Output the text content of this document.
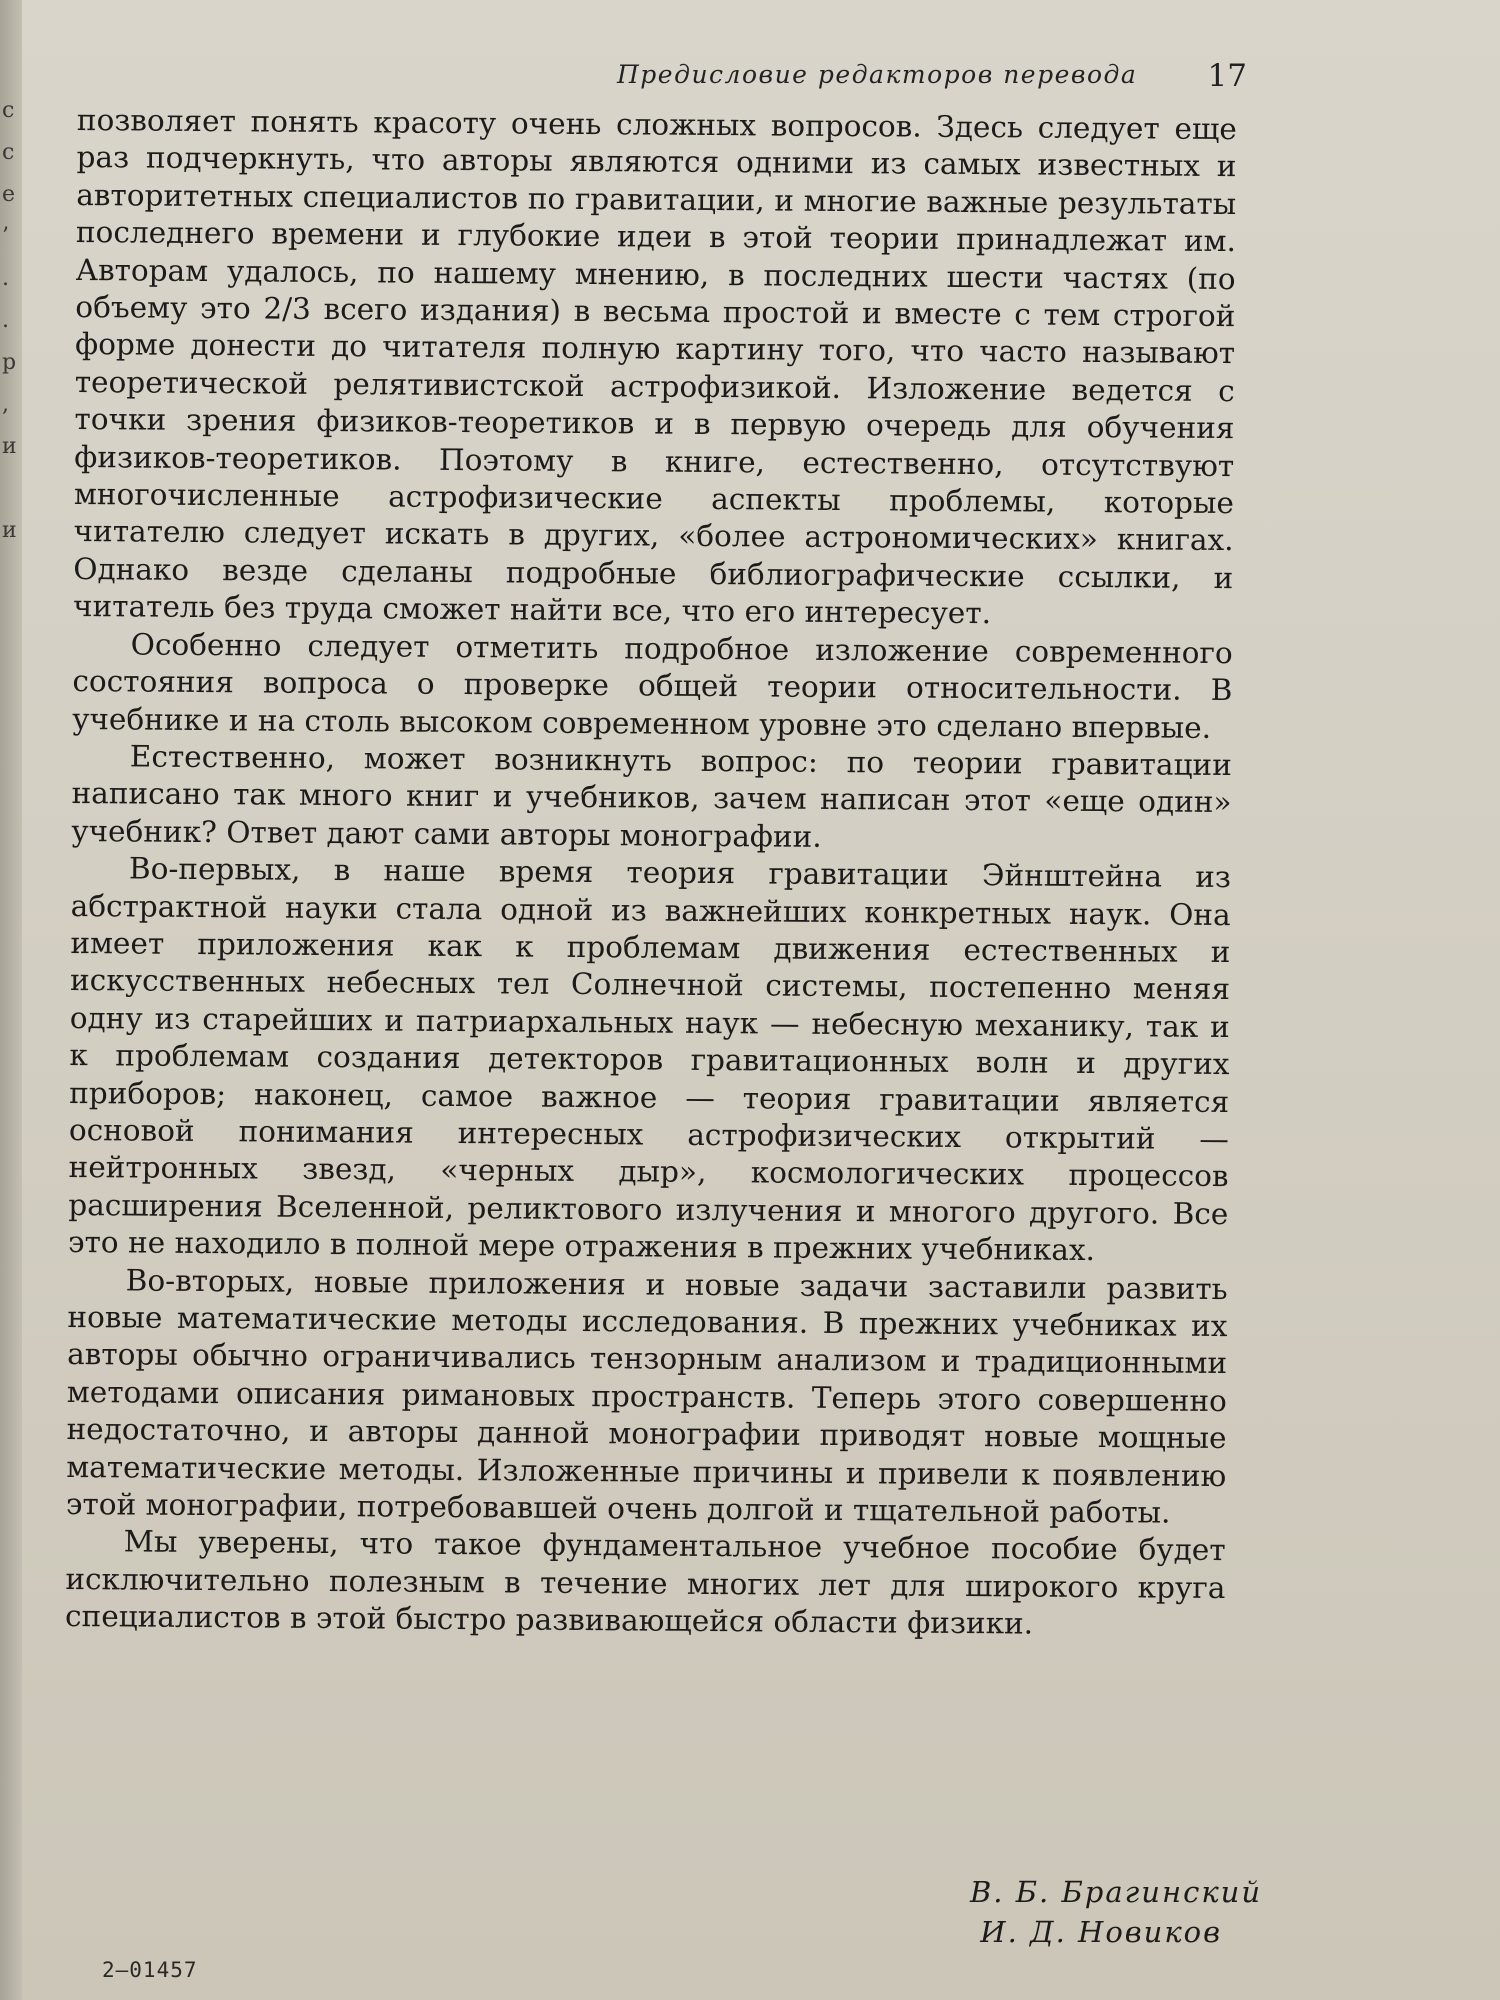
с
с
е
’
.
.
р
,
и

и
Предисловие редакторов перевода 17

позволяет понять красоту очень сложных вопросов. Здесь следует еще раз подчеркнуть, что авторы являются одними из самых известных и авторитетных специалистов по гравитации, и многие важные результаты последнего времени и глубокие идеи в этой теории принадлежат им. Авторам удалось, по нашему мнению, в последних шести частях (по объему это 2/3 всего издания) в весьма простой и вместе с тем строгой форме донести до читателя полную картину того, что часто называют теоретической релятивистской астрофизикой. Изложение ведется с точки зрения физиков-теоретиков и в первую очередь для обучения физиков-теоретиков. Поэтому в книге, естественно, отсутствуют многочисленные астрофизические аспекты проблемы, которые читателю следует искать в других, «более астрономических» книгах. Однако везде сделаны подробные библиографические ссылки, и читатель без труда сможет найти все, что его интересует.

Особенно следует отметить подробное изложение современного состояния вопроса о проверке общей теории относительности. В учебнике и на столь высоком современном уровне это сделано впервые.

Естественно, может возникнуть вопрос: по теории гравитации написано так много книг и учебников, зачем написан этот «еще один» учебник? Ответ дают сами авторы монографии.

Во-первых, в наше время теория гравитации Эйнштейна из абстрактной науки стала одной из важнейших конкретных наук. Она имеет приложения как к проблемам движения естественных и искусственных небесных тел Солнечной системы, постепенно меняя одну из старейших и патриархальных наук — небесную механику, так и к проблемам создания детекторов гравитационных волн и других приборов; наконец, самое важное — теория гравитации является основой понимания интересных астрофизических открытий — нейтронных звезд, «черных дыр», космологических процессов расширения Вселенной, реликтового излучения и многого другого. Все это не находило в полной мере отражения в прежних учебниках.

Во-вторых, новые приложения и новые задачи заставили развить новые математические методы исследования. В прежних учебниках их авторы обычно ограничивались тензорным анализом и традиционными методами описания римановых пространств. Теперь этого совершенно недостаточно, и авторы данной монографии приводят новые мощные математические методы. Изложенные причины и привели к появлению этой монографии, потребовавшей очень долгой и тщательной работы.

Мы уверены, что такое фундаментальное учебное пособие будет исключительно полезным в течение многих лет для широкого круга специалистов в этой быстро развивающейся области физики.

В. Б. Брагинский
И. Д. Новиков
2—01457
